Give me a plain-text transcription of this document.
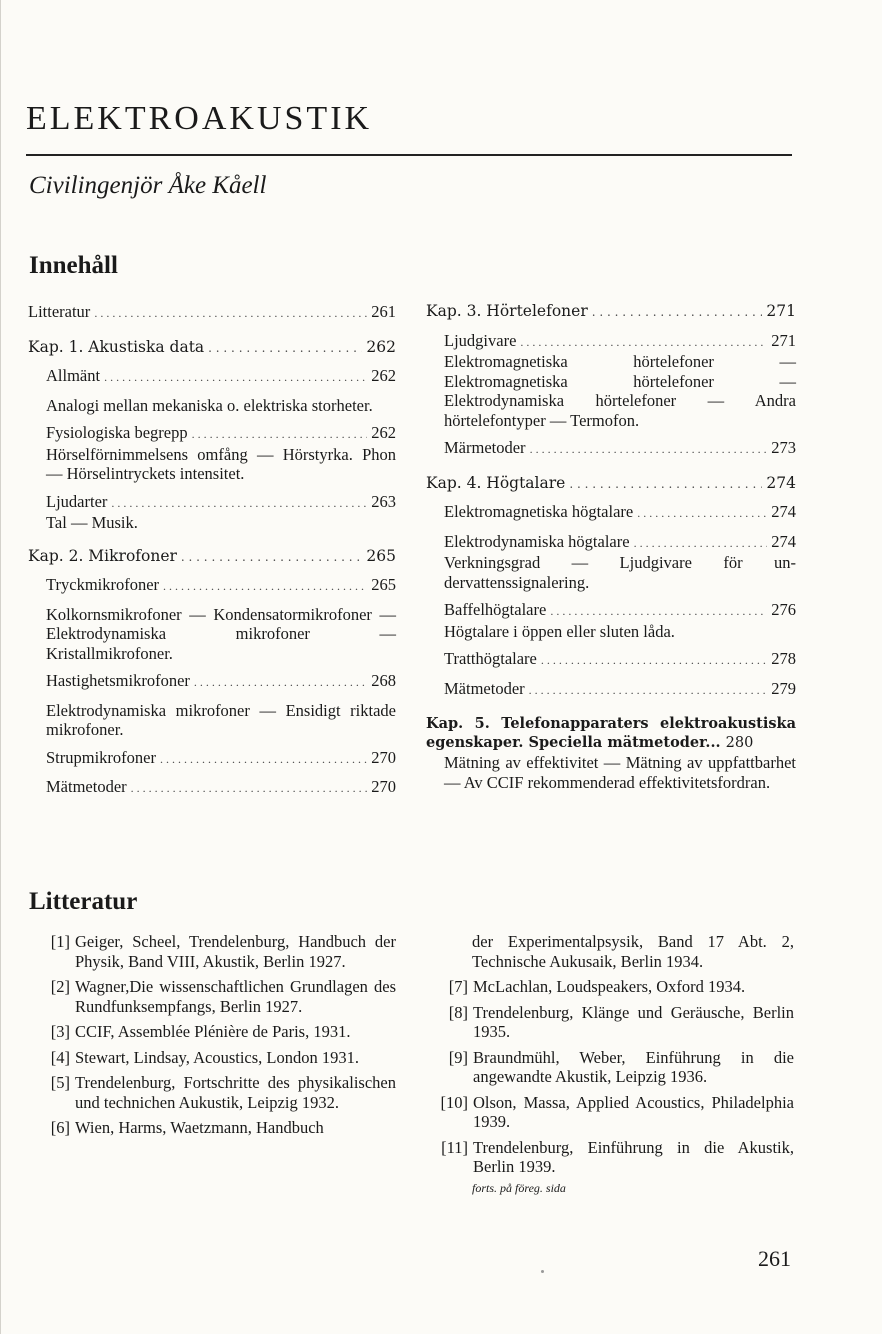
ELEKTROAKUSTIK

Civilingenjör Åke Kåell

Innehåll
Litteratur . . .	261
Kap. 1. Akustiska data . . .	262
Allmänt . . .	262
Analogi mellan mekaniska o. elektriska storheter.
Fysiologiska begrepp . . .	262
Hörselförnimmelsens omfång — Hörstyrka. Phon — Hörselintryckets intensitet.
Ljudarter . . .	263
Tal — Musik.
Kap. 2. Mikrofoner . . .	265
Tryckmikrofoner . . .	265
Kolkornsmikrofoner — Kondensatormikrofoner — Elektrodynamiska mikrofoner — Kristallmikrofoner.
Hastighetsmikrofoner . . .	268
Elektrodynamiska mikrofoner — Ensidigt riktade mikrofoner.
Strupmikrofoner . . .	270
Mätmetoder . . .	270
Kap. 3. Hörtelefoner . . .	271
Ljudgivare . . .	271
Elektromagnetiska hörtelefoner — Elektromagnetiska hörtelefoner — Elektrodynamiska hörtelefoner — Andra hörtelefontyper — Termofon.
Märmetoder . . .	273
Kap. 4. Högtalare . . .	274
Elektromagnetiska högtalare . . .	274
Elektrodynamiska högtalare . . .	274
Verkningsgrad — Ljudgivare för undervattenssignalering.
Baffelhögtalare . . .	276
Högtalare i öppen eller sluten låda.
Tratthögtalare . . .	278
Mätmetoder . . .	279
Kap. 5. Telefonapparaters elektroakustiska egenskaper. Speciella mätmetoder... 280
Mätning av effektivitet — Mätning av uppfattbarhet — Av CCIF rekommenderad effektivitetsfordran.
Litteratur
[1] Geiger, Scheel, Trendelenburg, Handbuch der Physik, Band VIII, Akustik, Berlin 1927.
[2] Wagner,Die wissenschaftlichen Grundlagen des Rundfunksempfangs, Berlin 1927.
[3] CCIF, Assemblée Plénière de Paris, 1931.
[4] Stewart, Lindsay, Acoustics, London 1931.
[5] Trendelenburg, Fortschritte des physikalischen und technichen Aukustik, Leipzig 1932.
[6] Wien, Harms, Waetzmann, Handbuch
der Experimentalpsysik, Band 17 Abt. 2, Technische Aukusaik, Berlin 1934.
[7] McLachlan, Loudspeakers, Oxford 1934.
[8] Trendelenburg, Klänge und Geräusche, Berlin 1935.
[9] Braundmühl, Weber, Einführung in die angewandte Akustik, Leipzig 1936.
[10] Olson, Massa, Applied Acoustics, Philadelphia 1939.
[11] Trendelenburg, Einführung in die Akustik, Berlin 1939.
forts. på föreg. sida
261
